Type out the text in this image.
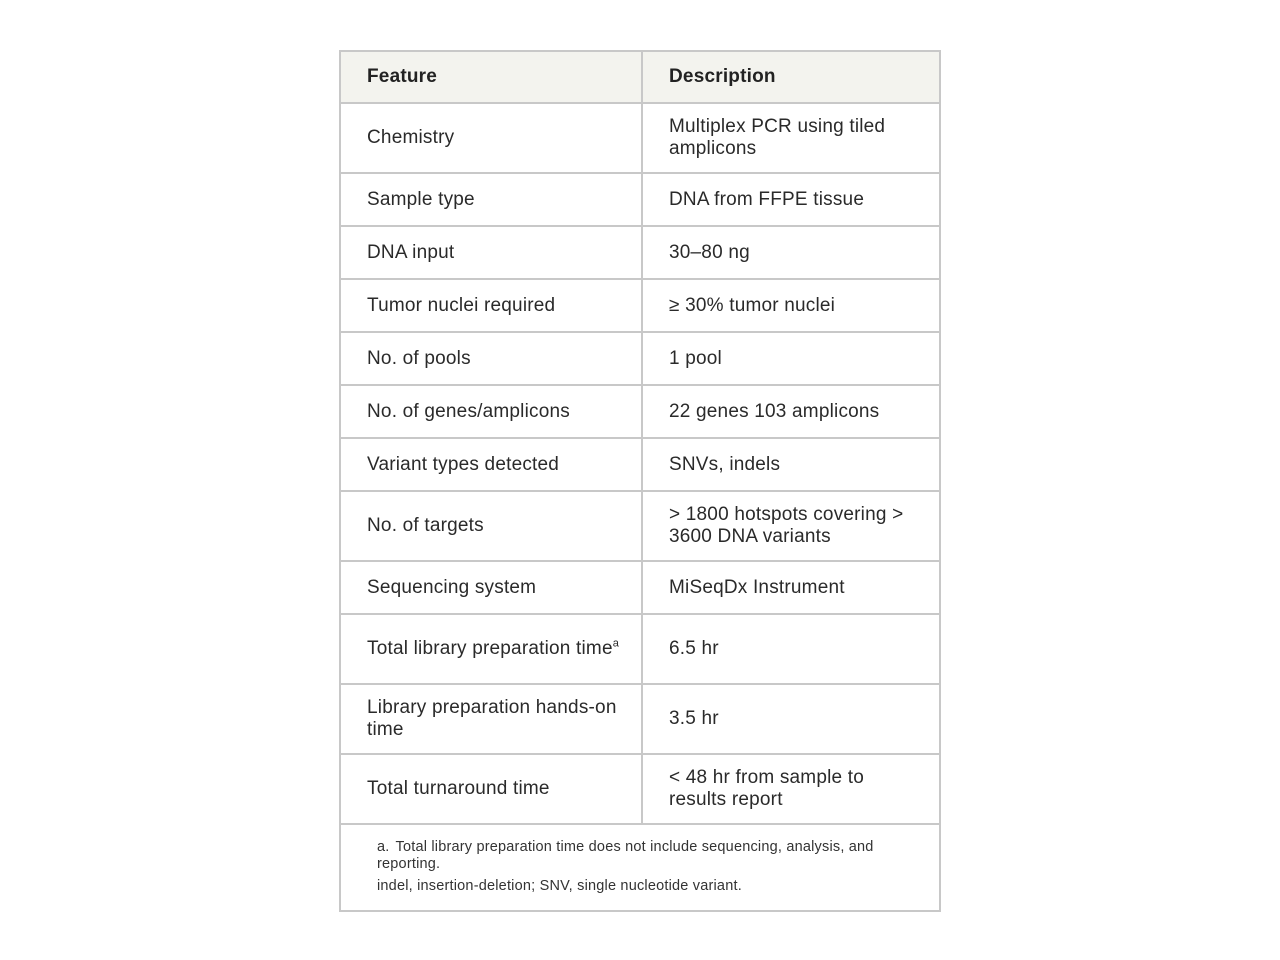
Feature	Description
Chemistry	Multiplex PCR using tiled amplicons
Sample type	DNA from FFPE tissue
DNA input	30–80 ng
Tumor nuclei required	≥ 30% tumor nuclei
No. of pools	1 pool
No. of genes/amplicons	22 genes 103 amplicons
Variant types detected	SNVs, indels
No. of targets	> 1800 hotspots covering > 3600 DNA variants
Sequencing system	MiSeqDx Instrument
Total library preparation time$^a$	6.5 hr
Library preparation hands-on time	3.5 hr
Total turnaround time	< 48 hr from sample to results report

a. Total library preparation time does not include sequencing, analysis, and reporting.

indel, insertion-deletion; SNV, single nucleotide variant.
